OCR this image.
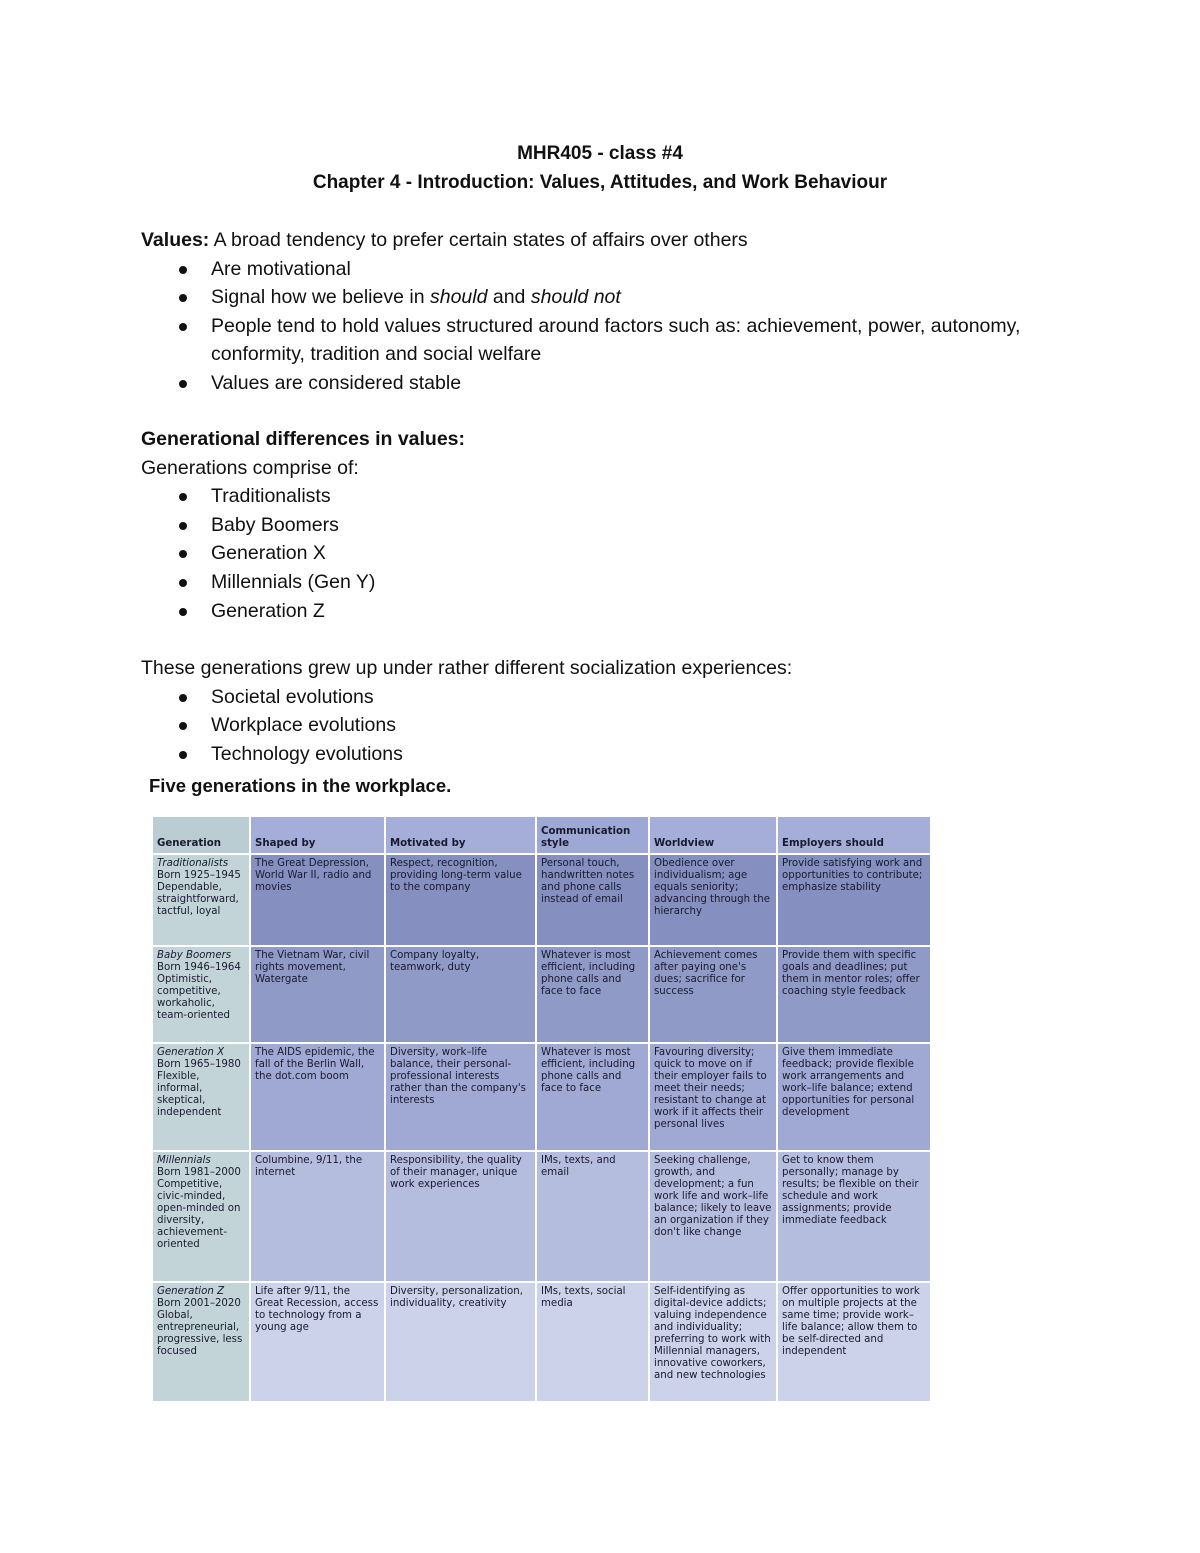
MHR405 - class #4
Chapter 4 - Introduction: Values, Attitudes, and Work Behaviour

Values: A broad tendency to prefer certain states of affairs over others

Are motivational
Signal how we believe in should and should not
People tend to hold values structured around factors such as: achievement, power, autonomy, conformity, tradition and social welfare
Values are considered stable

Generational differences in values:

Generations comprise of:

Traditionalists
Baby Boomers
Generation X
Millennials (Gen Y)
Generation Z

These generations grew up under rather different socialization experiences:

Societal evolutions
Workplace evolutions
Technology evolutions
Five generations in the workplace.
Generation	Shaped by	Motivated by	Communication style	Worldview	Employers should

Traditionalists
Born 1925–1945
Dependable, straightforward, tactful, loyal	The Great Depression, World War II, radio and movies	Respect, recognition, providing long-term value to the company	Personal touch, handwritten notes and phone calls instead of email	Obedience over individualism; age equals seniority; advancing through the hierarchy	Provide satisfying work and opportunities to contribute; emphasize stability

Baby Boomers
Born 1946–1964
Optimistic, competitive, workaholic, team-oriented	The Vietnam War, civil rights movement, Watergate	Company loyalty, teamwork, duty	Whatever is most efficient, including phone calls and face to face	Achievement comes after paying one's dues; sacrifice for success	Provide them with specific goals and deadlines; put them in mentor roles; offer coaching style feedback

Generation X
Born 1965–1980
Flexible, informal, skeptical, independent	The AIDS epidemic, the fall of the Berlin Wall, the dot.com boom	Diversity, work–life balance, their personal-professional interests rather than the company's interests	Whatever is most efficient, including phone calls and face to face	Favouring diversity; quick to move on if their employer fails to meet their needs; resistant to change at work if it affects their personal lives	Give them immediate feedback; provide flexible work arrangements and work–life balance; extend opportunities for personal development

Millennials
Born 1981–2000
Competitive, civic-minded, open-minded on diversity, achievement-oriented	Columbine, 9/11, the internet	Responsibility, the quality of their manager, unique work experiences	IMs, texts, and email	Seeking challenge, growth, and development; a fun work life and work–life balance; likely to leave an organization if they don't like change	Get to know them personally; manage by results; be flexible on their schedule and work assignments; provide immediate feedback

Generation Z
Born 2001–2020
Global, entrepreneurial, progressive, less focused	Life after 9/11, the Great Recession, access to technology from a young age	Diversity, personalization, individuality, creativity	IMs, texts, social media	Self-identifying as digital-device addicts; valuing independence and individuality; preferring to work with Millennial managers, innovative coworkers, and new technologies	Offer opportunities to work on multiple projects at the same time; provide work–life balance; allow them to be self-directed and independent
